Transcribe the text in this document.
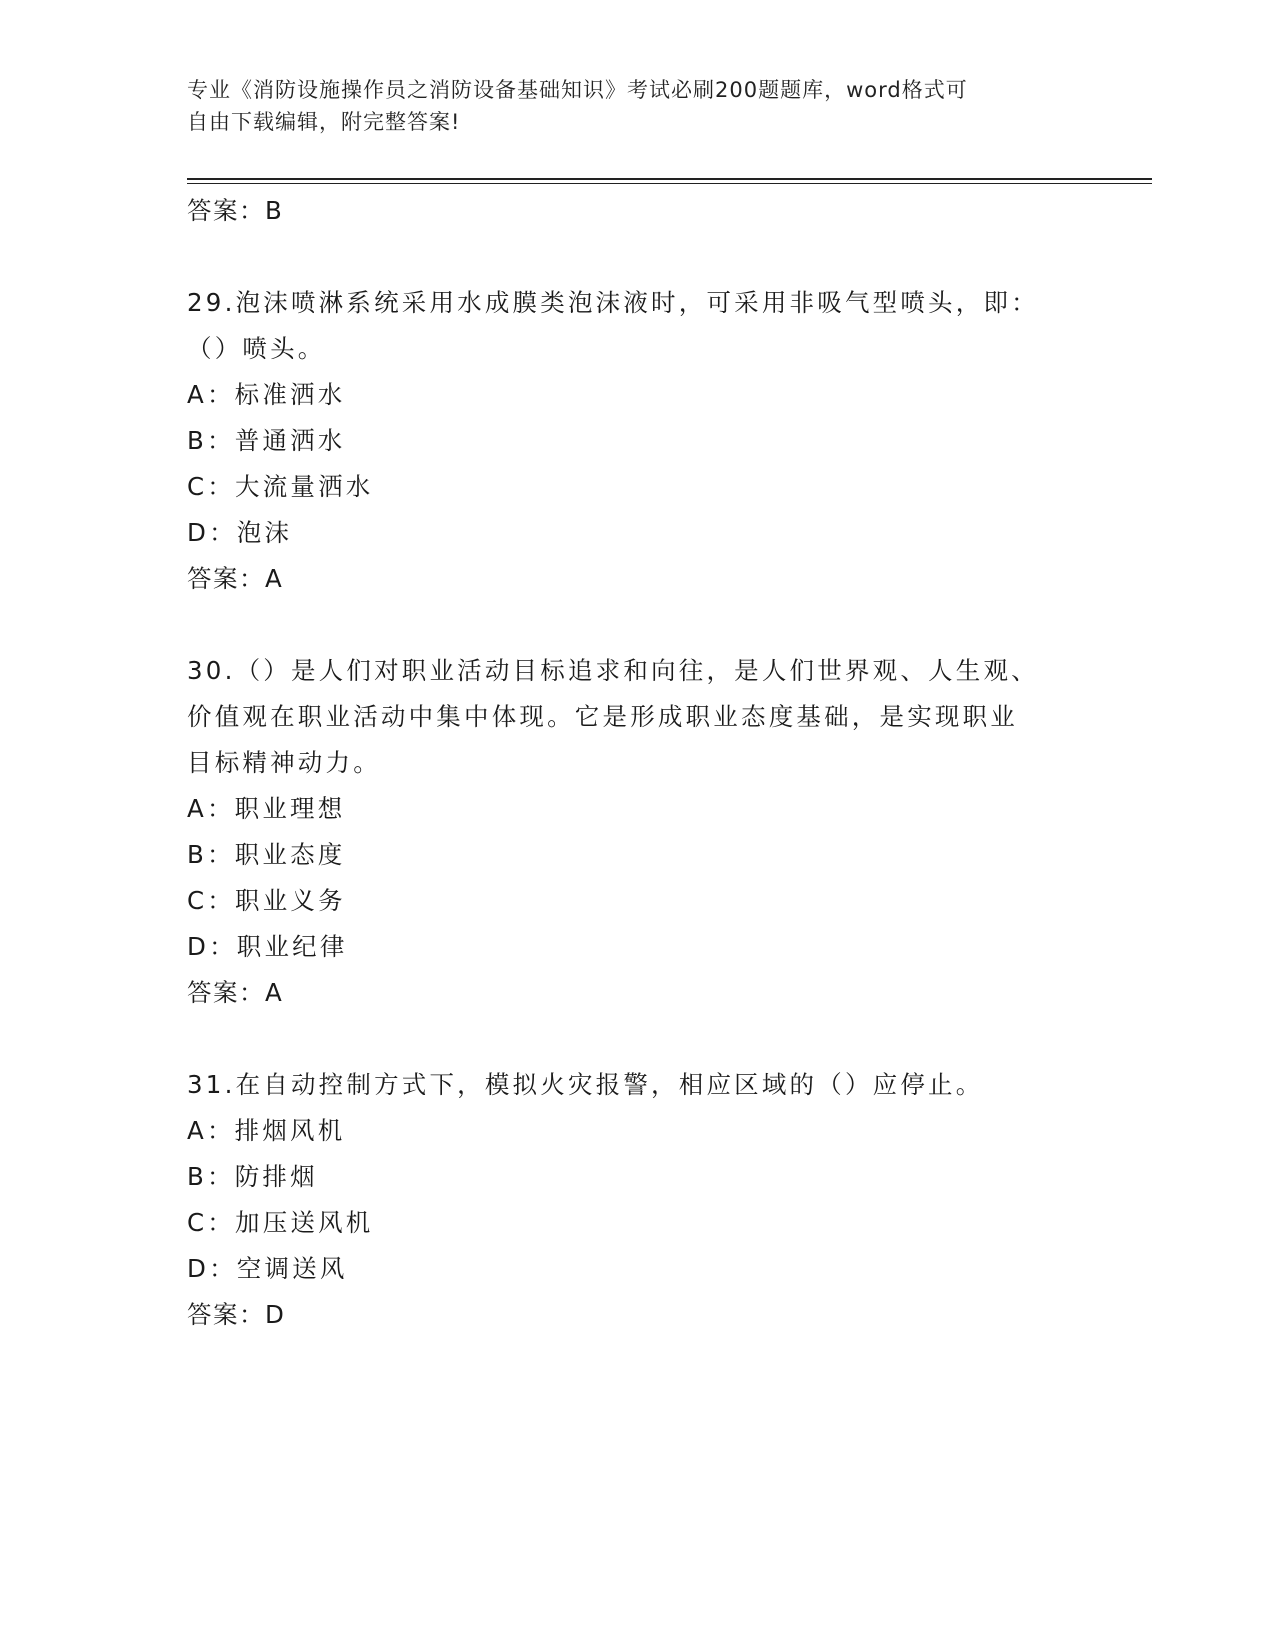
专业《消防设施操作员之消防设备基础知识》考试必刷200题题库，word格式可
自由下载编辑，附完整答案!
答案：B
29.泡沫喷淋系统采用水成膜类泡沫液时，可采用非吸气型喷头，即：
（）喷头。
A：标准洒水
B：普通洒水
C：大流量洒水
D：泡沫
答案：A
30.（）是人们对职业活动目标追求和向往，是人们世界观、人生观、
价值观在职业活动中集中体现。它是形成职业态度基础，是实现职业
目标精神动力。
A：职业理想
B：职业态度
C：职业义务
D：职业纪律
答案：A
31.在自动控制方式下，模拟火灾报警，相应区域的（）应停止。
A：排烟风机
B：防排烟
C：加压送风机
D：空调送风
答案：D
